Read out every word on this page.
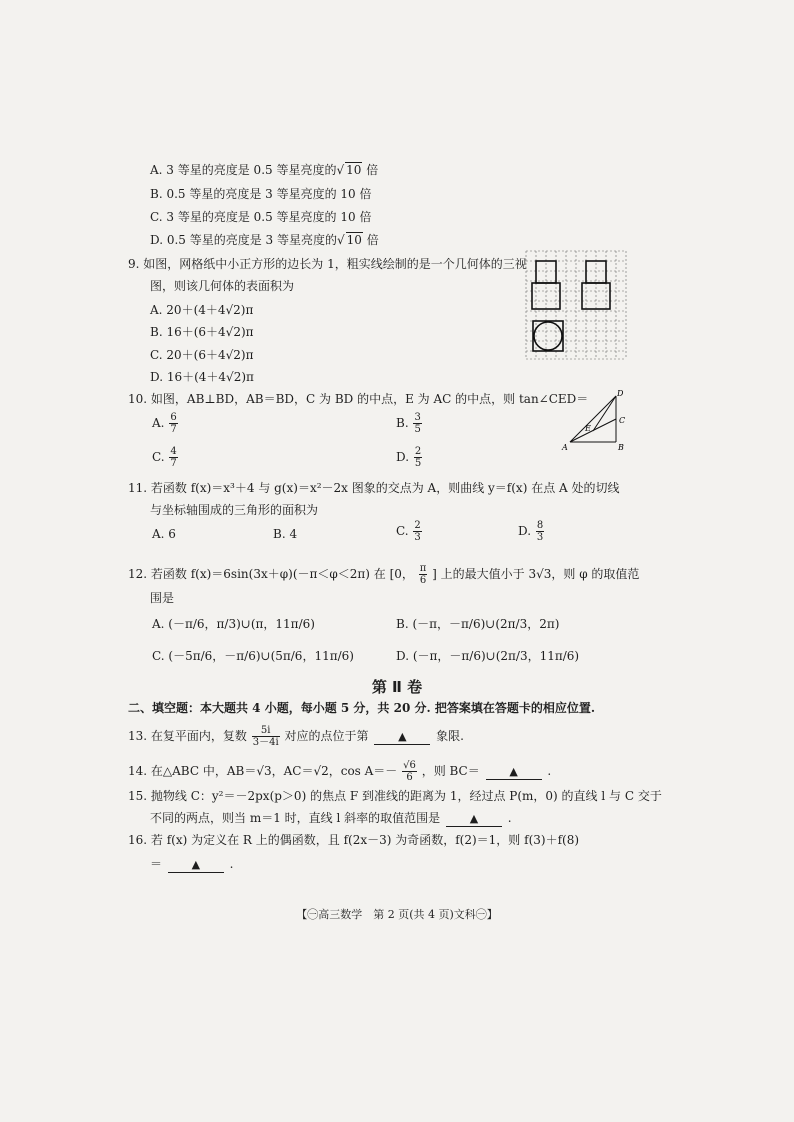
A. 3 等星的亮度是 0.5 等星亮度的√ 10 倍
B. 0.5 等星的亮度是 3 等星亮度的 10 倍
C. 3 等星的亮度是 0.5 等星亮度的 10 倍
D. 0.5 等星的亮度是 3 等星亮度的√ 10 倍
9. 如图，网格纸中小正方形的边长为 1，粗实线绘制的是一个几何体的三视
图，则该几何体的表面积为
A. 20＋(4＋4√2)π
B. 16＋(6＋4√2)π
C. 20＋(6＋4√2)π
D. 16＋(4＋4√2)π
10. 如图，AB⊥BD，AB＝BD，C 为 BD 的中点，E 为 AC 的中点，则 tan∠CED＝
A. $\frac{6}{7}$	B. $\frac{3}{5}$
C. $\frac{4}{7}$	D. $\frac{2}{5}$
D
C
E
A	B
11. 若函数 f(x)＝x³＋4 与 g(x)＝x²－2x 图象的交点为 A，则曲线 y＝f(x) 在点 A 处的切线
与坐标轴围成的三角形的面积为
A. 6	B. 4	C. $\frac{2}{3}$	D. $\frac{8}{3}$
12. 若函数 f(x)＝6sin(3x＋φ)(－π＜φ＜2π) 在 [0， $\frac{\pi}{6}$ ] 上的最大值小于 3√3，则 φ 的取值范
围是
A. (－π/6，π/3)∪(π，11π/6)	B. (－π，－π/6)∪(2π/3，2π)
C. (－5π/6，－π/6)∪(5π/6，11π/6)	D. (－π，－π/6)∪(2π/3，11π/6)
第 Ⅱ 卷
二、填空题：本大题共 4 小题，每小题 5 分，共 20 分. 把答案填在答题卡的相应位置.
13. 在复平面内，复数 $\frac{5i}{3-4i}$ 对应的点位于第	▲ 象限.
14. 在△ABC 中，AB＝√3，AC＝√2，$\cos A=- \frac{√6}{6}$ ，则 BC＝	▲ .
15. 抛物线 C：y²＝－2px(p＞0) 的焦点 F 到准线的距离为 1，经过点 P(m，0) 的直线 l 与 C 交于
不同的两点，则当 m＝1 时，直线 l 斜率的取值范围是	▲ .
16. 若 f(x) 为定义在 R 上的偶函数，且 f(2x－3) 为奇函数，f(2)＝1，则 f(3)＋f(8)
＝	▲ .
【㊀高三数学　第 2 页(共 4 页)文科㊀】
